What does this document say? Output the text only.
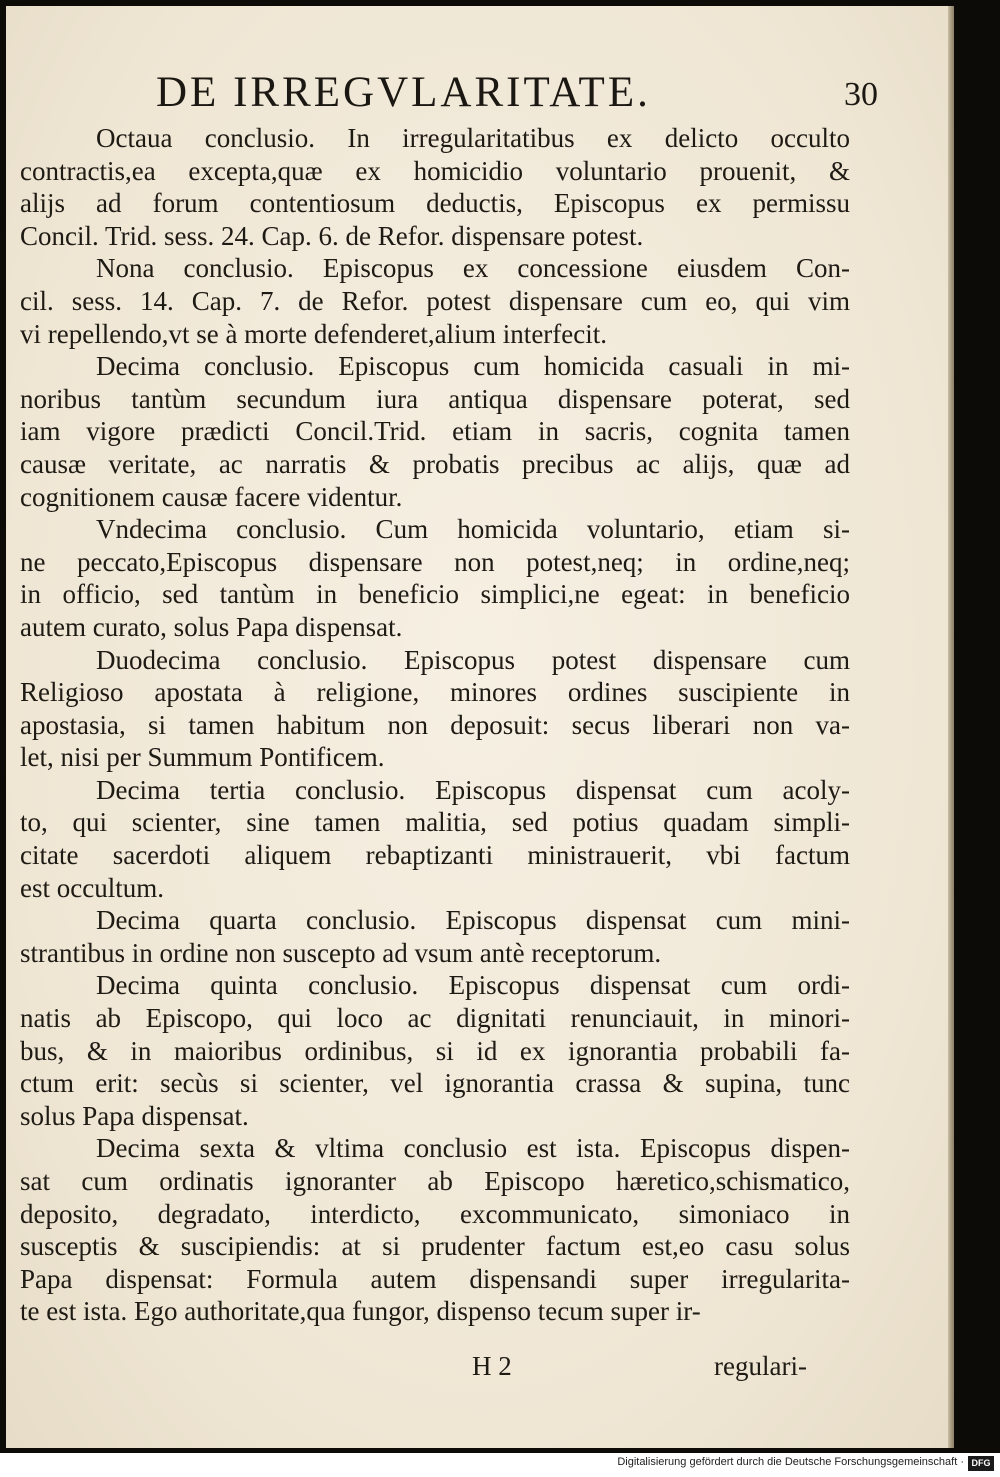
DE IRREGVLARITATE.	30
Octaua conclusio. In irregularitatibus ex delicto occulto
contractis,ea excepta,quæ ex homicidio voluntario prouenit, &
alijs ad forum contentiosum deductis, Episcopus ex permissu
Concil. Trid. sess. 24. Cap. 6. de Refor. dispensare potest.
Nona conclusio. Episcopus ex concessione eiusdem Con-
cil. sess. 14. Cap. 7. de Refor. potest dispensare cum eo, qui vim
vi repellendo,vt se à morte defenderet,alium interfecit.
Decima conclusio. Episcopus cum homicida casuali in mi-
noribus tantùm secundum iura antiqua dispensare poterat, sed
iam vigore prædicti Concil.Trid. etiam in sacris, cognita tamen
causæ veritate, ac narratis & probatis precibus ac alijs, quæ ad
cognitionem causæ facere videntur.
Vndecima conclusio. Cum homicida voluntario, etiam si-
ne peccato,Episcopus dispensare non potest,neq; in ordine,neq;
in officio, sed tantùm in beneficio simplici,ne egeat: in beneficio
autem curato, solus Papa dispensat.
Duodecima conclusio. Episcopus potest dispensare cum
Religioso apostata à religione, minores ordines suscipiente in
apostasia, si tamen habitum non deposuit: secus liberari non va-
let, nisi per Summum Pontificem.
Decima tertia conclusio. Episcopus dispensat cum acoly-
to, qui scienter, sine tamen malitia, sed potius quadam simpli-
citate sacerdoti aliquem rebaptizanti ministrauerit, vbi factum
est occultum.
Decima quarta conclusio. Episcopus dispensat cum mini-
strantibus in ordine non suscepto ad vsum antè receptorum.
Decima quinta conclusio. Episcopus dispensat cum ordi-
natis ab Episcopo, qui loco ac dignitati renunciauit, in minori-
bus, & in maioribus ordinibus, si id ex ignorantia probabili fa-
ctum erit: secùs si scienter, vel ignorantia crassa & supina, tunc
solus Papa dispensat.
Decima sexta & vltima conclusio est ista. Episcopus dispen-
sat cum ordinatis ignoranter ab Episcopo hæretico,schismatico,
deposito, degradato, interdicto, excommunicato, simoniaco in
susceptis & suscipiendis: at si prudenter factum est,eo casu solus
Papa dispensat: Formula autem dispensandi super irregularita-
te est ista. Ego authoritate,qua fungor, dispenso tecum super ir-
H 2	regulari-
Digitalisierung gefördert durch die Deutsche Forschungsgemeinschaft · DFG
